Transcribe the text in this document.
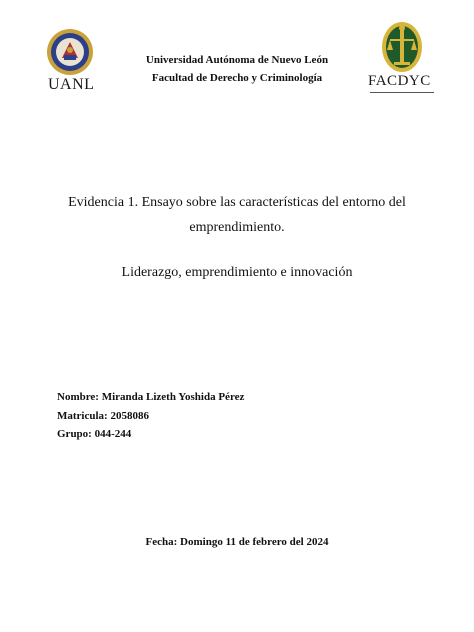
UANL	FACDYC
Universidad Autónoma de Nuevo León
Facultad de Derecho y Criminología
Evidencia 1. Ensayo sobre las características del entorno del emprendimiento.
Liderazgo, emprendimiento e innovación
Nombre: Miranda Lizeth Yoshida Pérez
Matricula: 2058086
Grupo: 044-244
Fecha: Domingo 11 de febrero del 2024
